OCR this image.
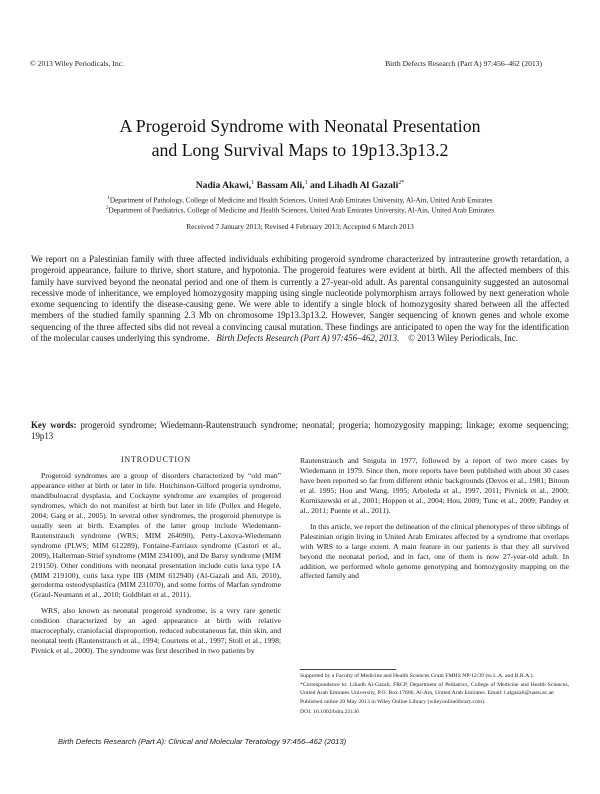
© 2013 Wiley Periodicals, Inc.	Birth Defects Research (Part A) 97:456–462 (2013)
A Progeroid Syndrome with Neonatal Presentation
and Long Survival Maps to 19p13.3p13.2
Nadia Akawi,$^1$ Bassam Ali,$^1$ and Lihadh Al Gazali$^{2*}$
$^1$Department of Pathology, College of Medicine and Health Sciences, United Arab Emirates University, Al-Ain, United Arab Emirates
$^2$Department of Paediatrics, College of Medicine and Health Sciences, United Arab Emirates University, Al-Ain, United Arab Emirates
Received 7 January 2013; Revised 4 February 2013; Accepted 6 March 2013
We report on a Palestinian family with three affected individuals exhibiting progeroid syndrome characterized by intrauterine growth retardation, a progeroid appearance, failure to thrive, short stature, and hypotonia. The progeroid features were evident at birth. All the affected members of this family have survived beyond the neonatal period and one of them is currently a 27-year-old adult. As parental consanguinity suggested an autosomal recessive mode of inheritance, we employed homozygosity mapping using single nucleotide polymorphism arrays followed by next generation whole exome sequencing to identify the disease-causing gene. We were able to identify a single block of homozygosity shared between all the affected members of the studied family spanning 2.3 Mb on chromosome 19p13.3p13.2. However, Sanger sequencing of known genes and whole exome sequencing of the three affected sibs did not reveal a convincing causal mutation. These findings are anticipated to open the way for the identification of the molecular causes underlying this syndrome. Birth Defects Research (Part A) 97:456–462, 2013. © 2013 Wiley Periodicals, Inc.
Key words: progeroid syndrome; Wiedemann-Rautenstrauch syndrome; neonatal; progeria; homozygosity mapping; linkage; exome sequencing; 19p13
INTRODUCTION

Progeroid syndromes are a group of disorders characterized by “old man” appearance either at birth or later in life. Hutchinson-Gilford progeria syndrome, mandibuloacral dysplasia, and Cockayne syndrome are examples of progeroid syndromes, which do not manifest at birth but later in life (Pollex and Hegele, 2004; Garg et al., 2005). In several other syndromes, the progeroid phenotype is usually seen at birth. Examples of the latter group include Wiedemann-Rautenstrauch syndrome (WRS; MIM 264090), Petty-Laxova-Wiedemann syndrome (PLWS; MIM 612289), Fontaine-Farriaux syndrome (Castori et al., 2009), Hallerman-Strief syndrome (MIM 234100), and De Barsy syndrome (MIM 219150). Other conditions with neonatal presentation include cutis laxa type 1A (MIM 219100), cutis laxa type IIB (MIM 612940) (Al-Gazali and Ali, 2010), geroderma osteodysplastica (MIM 231070), and some forms of Marfan syndrome (Graul-Neumann et al., 2010; Goldblatt et al., 2011).

WRS, also known as neonatal progeroid syndrome, is a very rare genetic condition characterized by an aged appearance at birth with relative macrocephaly, craniofacial disproportion, reduced subcutaneous fat, thin skin, and neonatal teeth (Rautenstrauch et al., 1994; Courtens et al., 1997; Stoll et al., 1998; Pivnick et al., 2000). The syndrome was first described in two patients by

Rautenstrauch and Snigula in 1977, followed by a report of two more cases by Wiedemann in 1979. Since then, more reports have been published with about 30 cases have been reported so far from different ethnic backgrounds (Devos et al., 1981; Bitoun et al. 1995; Hou and Wang, 1995; Arboleda et al., 1997, 2011; Pivnick et al., 2000; Korniszewski et al., 2001; Hoppen et al., 2004; Hou, 2009; Tunc et al., 2009; Pandey et al., 2011; Puente et al., 2011).

In this article, we report the delineation of the clinical phenotypes of three siblings of Palestinian origin living in United Arab Emirates affected by a syndrome that overlaps with WRS to a large extent. A main feature in our patients is that they all survived beyond the neonatal period, and in fact, one of them is now 27-year-old adult. In addition, we performed whole genome genotyping and homozygosity mapping on the affected family and

Supported by a Faculty of Medicine and Health Sciences Grant FMHS NP/12/39 (to L.A. and B.R.A.).

*Correspondence to: Lihadh Al-Gazali, FRCP, Department of Pediatrics, College of Medicine and Health Sciences, United Arab Emirates University, P.O. Box 17666, Al-Ain, United Arab Emirates. Email: l.algazali@uaeu.ac.ae

Published online 20 May 2013 in Wiley Online Library (wileyonlinelibrary.com).

DOI: 10.1002/bdra.23136

Birth Defects Research (Part A): Clinical and Molecular Teratology 97:456–462 (2013)
